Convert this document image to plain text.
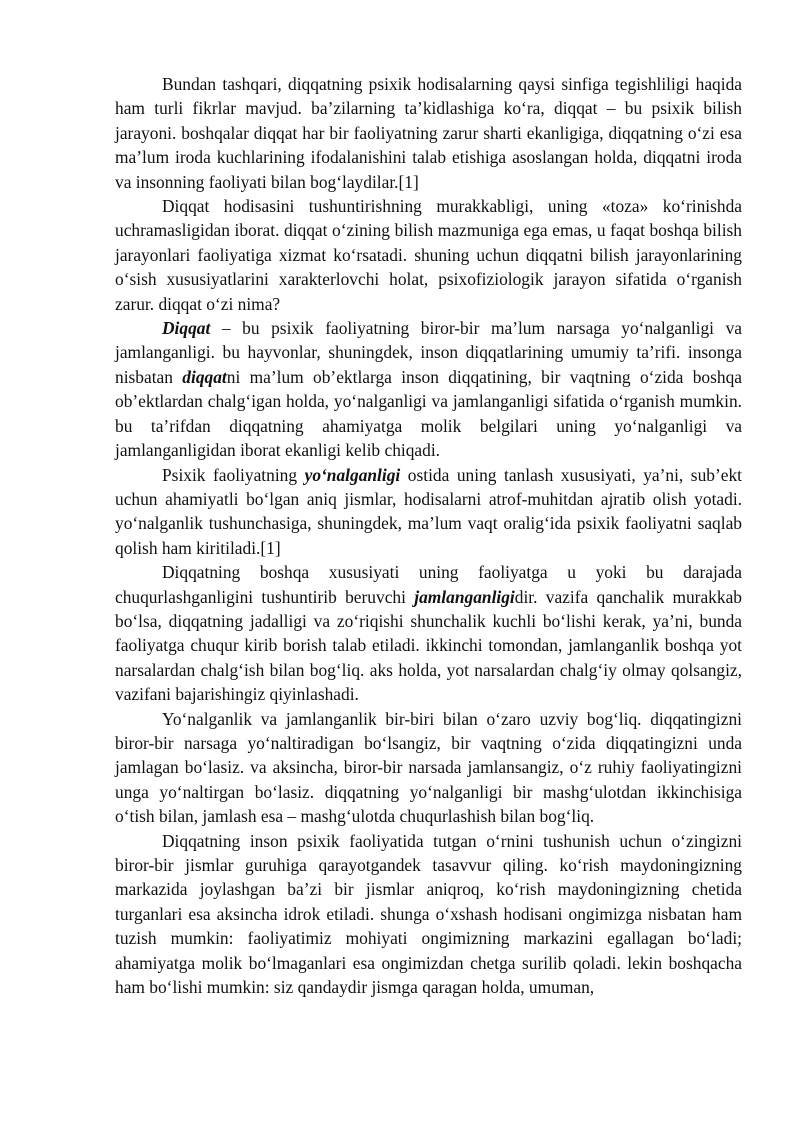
Bundan tashqari, diqqatning psixik hodisalarning qaysi sinfiga tegishliligi haqida ham turli fikrlar mavjud. ba’zilarning ta’kidlashiga ko‘ra, diqqat – bu psixik bilish jarayoni. boshqalar diqqat har bir faoliyatning zarur sharti ekanligiga, diqqatning o‘zi esa ma’lum iroda kuchlarining ifodalanishini talab etishiga asoslangan holda, diqqatni iroda va insonning faoliyati bilan bog‘laydilar.[1]

Diqqat hodisasini tushuntirishning murakkabligi, uning «toza» ko‘rinishda uchramasligidan iborat. diqqat o‘zining bilish mazmuniga ega emas, u faqat boshqa bilish jarayonlari faoliyatiga xizmat ko‘rsatadi. shuning uchun diqqatni bilish jarayonlarining o‘sish xususiyatlarini xarakterlovchi holat, psixofiziologik jarayon sifatida o‘rganish zarur. diqqat o‘zi nima?

Diqqat – bu psixik faoliyatning biror-bir ma’lum narsaga yo‘nalganligi va jamlanganligi. bu hayvonlar, shuningdek, inson diqqatlarining umumiy ta’rifi. insonga nisbatan diqqatni ma’lum ob’ektlarga inson diqqatining, bir vaqtning o‘zida boshqa ob’ektlardan chalg‘igan holda, yo‘nalganligi va jamlanganligi sifatida o‘rganish mumkin. bu ta’rifdan diqqatning ahamiyatga molik belgilari uning yo‘nalganligi va jamlanganligidan iborat ekanligi kelib chiqadi.

Psixik faoliyatning yo‘nalganligi ostida uning tanlash xususiyati, ya’ni, sub’ekt uchun ahamiyatli bo‘lgan aniq jismlar, hodisalarni atrof-muhitdan ajratib olish yotadi. yo‘nalganlik tushunchasiga, shuningdek, ma’lum vaqt oralig‘ida psixik faoliyatni saqlab qolish ham kiritiladi.[1]

Diqqatning boshqa xususiyati uning faoliyatga u yoki bu darajada chuqurlashganligini tushuntirib beruvchi jamlanganligidir. vazifa qanchalik murakkab bo‘lsa, diqqatning jadalligi va zo‘riqishi shunchalik kuchli bo‘lishi kerak, ya’ni, bunda faoliyatga chuqur kirib borish talab etiladi. ikkinchi tomondan, jamlanganlik boshqa yot narsalardan chalg‘ish bilan bog‘liq. aks holda, yot narsalardan chalg‘iy olmay qolsangiz, vazifani bajarishingiz qiyinlashadi.

Yo‘nalganlik va jamlanganlik bir-biri bilan o‘zaro uzviy bog‘liq. diqqatingizni biror-bir narsaga yo‘naltiradigan bo‘lsangiz, bir vaqtning o‘zida diqqatingizni unda jamlagan bo‘lasiz. va aksincha, biror-bir narsada jamlansangiz, o‘z ruhiy faoliyatingizni unga yo‘naltirgan bo‘lasiz. diqqatning yo‘nalganligi bir mashg‘ulotdan ikkinchisiga o‘tish bilan, jamlash esa – mashg‘ulotda chuqurlashish bilan bog‘liq.

Diqqatning inson psixik faoliyatida tutgan o‘rnini tushunish uchun o‘zingizni biror-bir jismlar guruhiga qarayotgandek tasavvur qiling. ko‘rish maydoningizning markazida joylashgan ba’zi bir jismlar aniqroq, ko‘rish maydoningizning chetida turganlari esa aksincha idrok etiladi. shunga o‘xshash hodisani ongimizga nisbatan ham tuzish mumkin: faoliyatimiz mohiyati ongimizning markazini egallagan bo‘ladi; ahamiyatga molik bo‘lmaganlari esa ongimizdan chetga surilib qoladi. lekin boshqacha ham bo‘lishi mumkin: siz qandaydir jismga qaragan holda, umuman,
